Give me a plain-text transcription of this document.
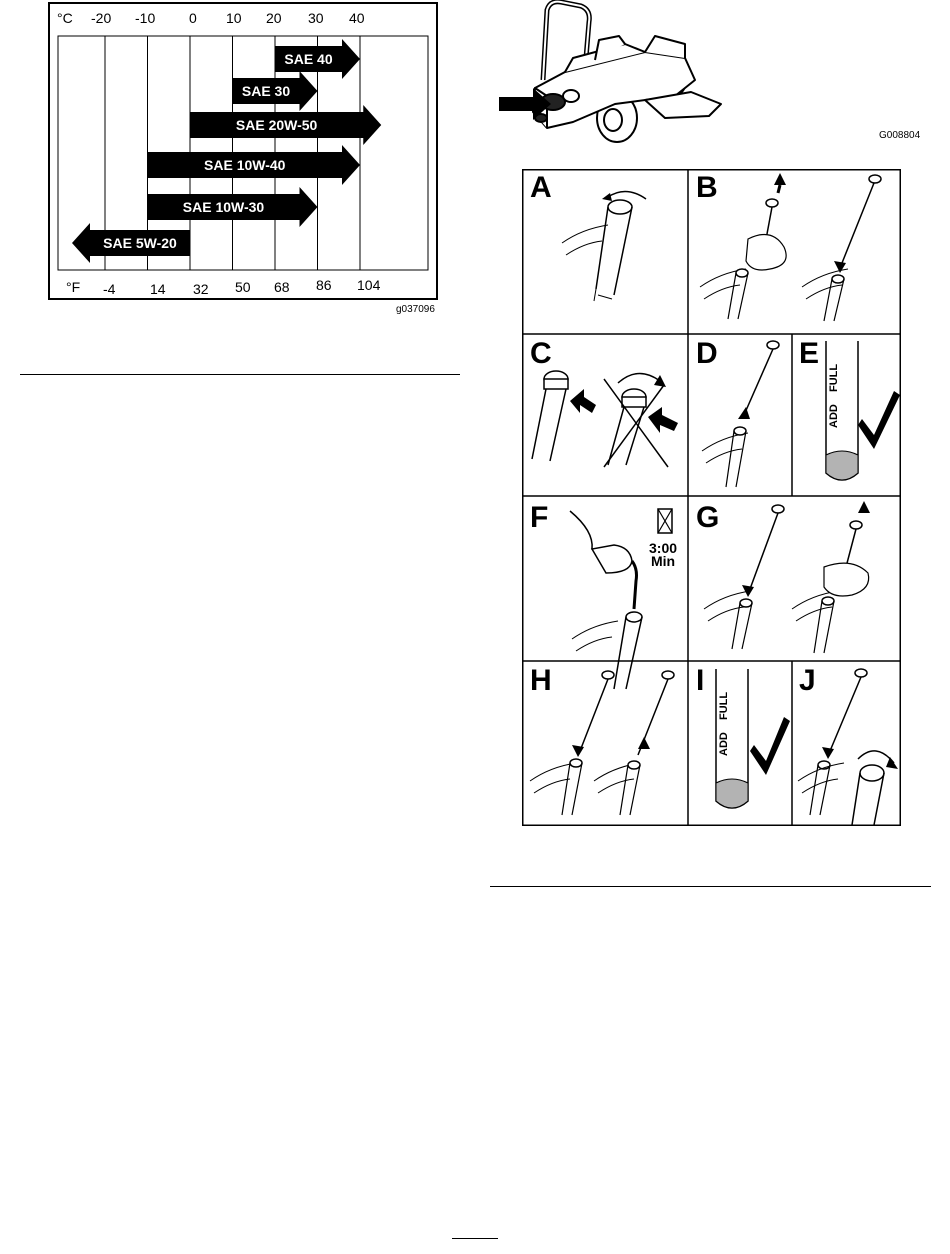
SAE 40
SAE 30
SAE 20W-50
SAE 10W-40
SAE 10W-30
SAE 5W-20
°C -20 -10 0 10 20 30 40
°F -4 14 32 50 68 86 104
g037096
G008804
A	B
C	D	E
F	G
H	I	J
ADD
FULL
ADD
FULL
3:00
Min
